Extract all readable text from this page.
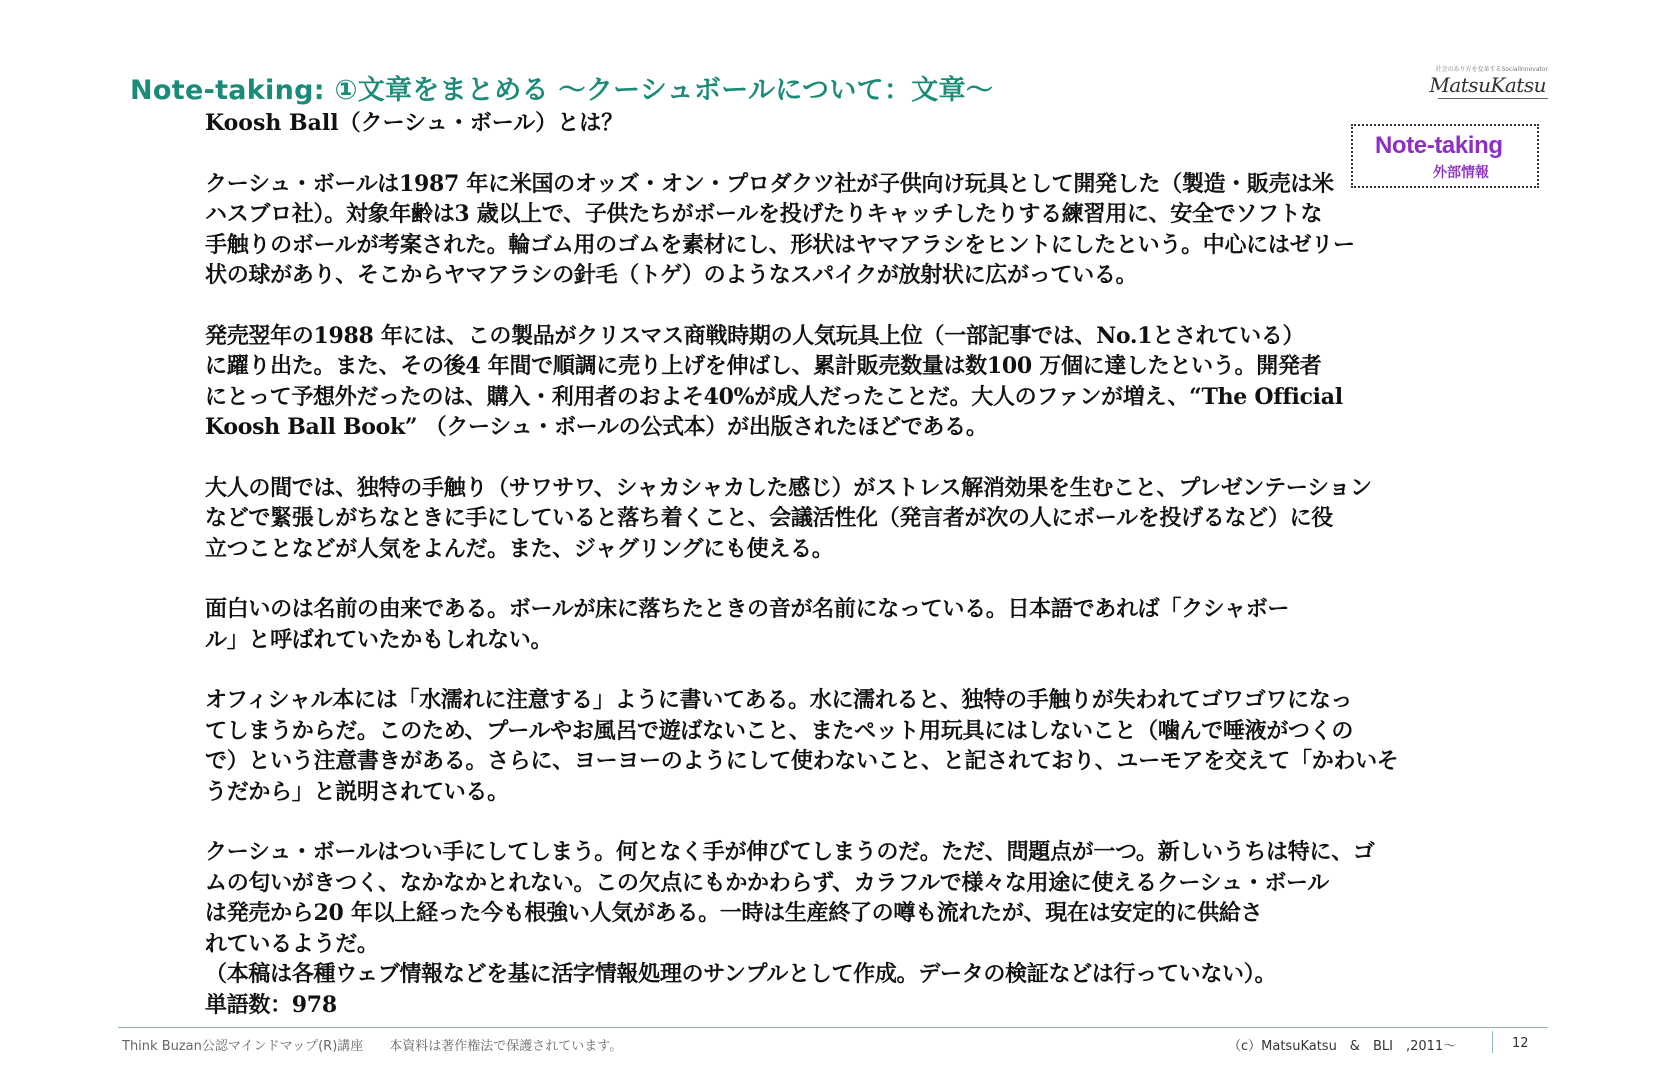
Note-taking: ①文章をまとめる ～クーシュボールについて：文章～
社会のあり方を変革するSocialInnovator
MatsuKatsu
Note-taking
外部情報
Koosh Ball（クーシュ・ボール）とは？

クーシュ・ボールは1987 年に米国のオッズ・オン・プロダクツ社が子供向け玩具として開発した（製造・販売は米
ハスブロ社）。対象年齢は3 歳以上で、子供たちがボールを投げたりキャッチしたりする練習用に、安全でソフトな
手触りのボールが考案された。輪ゴム用のゴムを素材にし、形状はヤマアラシをヒントにしたという。中心にはゼリー
状の球があり、そこからヤマアラシの針毛（トゲ）のようなスパイクが放射状に広がっている。

発売翌年の1988 年には、この製品がクリスマス商戦時期の人気玩具上位（一部記事では、No.1とされている）
に躍り出た。また、その後4 年間で順調に売り上げを伸ばし、累計販売数量は数100 万個に達したという。開発者
にとって予想外だったのは、購入・利用者のおよそ40%が成人だったことだ。大人のファンが増え、“The Official
Koosh Ball Book” （クーシュ・ボールの公式本）が出版されたほどである。

大人の間では、独特の手触り（サワサワ、シャカシャカした感じ）がストレス解消効果を生むこと、プレゼンテーション
などで緊張しがちなときに手にしていると落ち着くこと、会議活性化（発言者が次の人にボールを投げるなど）に役
立つことなどが人気をよんだ。また、ジャグリングにも使える。

面白いのは名前の由来である。ボールが床に落ちたときの音が名前になっている。日本語であれば「クシャボー
ル」と呼ばれていたかもしれない。

オフィシャル本には「水濡れに注意する」ように書いてある。水に濡れると、独特の手触りが失われてゴワゴワになっ
てしまうからだ。このため、プールやお風呂で遊ばないこと、またペット用玩具にはしないこと（噛んで唾液がつくの
で）という注意書きがある。さらに、ヨーヨーのようにして使わないこと、と記されており、ユーモアを交えて「かわいそ
うだから」と説明されている。

クーシュ・ボールはつい手にしてしまう。何となく手が伸びてしまうのだ。ただ、問題点が一つ。新しいうちは特に、ゴ
ムの匂いがきつく、なかなかとれない。この欠点にもかかわらず、カラフルで様々な用途に使えるクーシュ・ボール
は発売から20 年以上経った今も根強い人気がある。一時は生産終了の噂も流れたが、現在は安定的に供給さ
れているようだ。
（本稿は各種ウェブ情報などを基に活字情報処理のサンプルとして作成。データの検証などは行っていない）。
単語数：978

Think Buzan公認マインドマップ(R)講座 本資料は著作権法で保護されています。	（c）MatsuKatsu　&　BLI　,2011～	12
